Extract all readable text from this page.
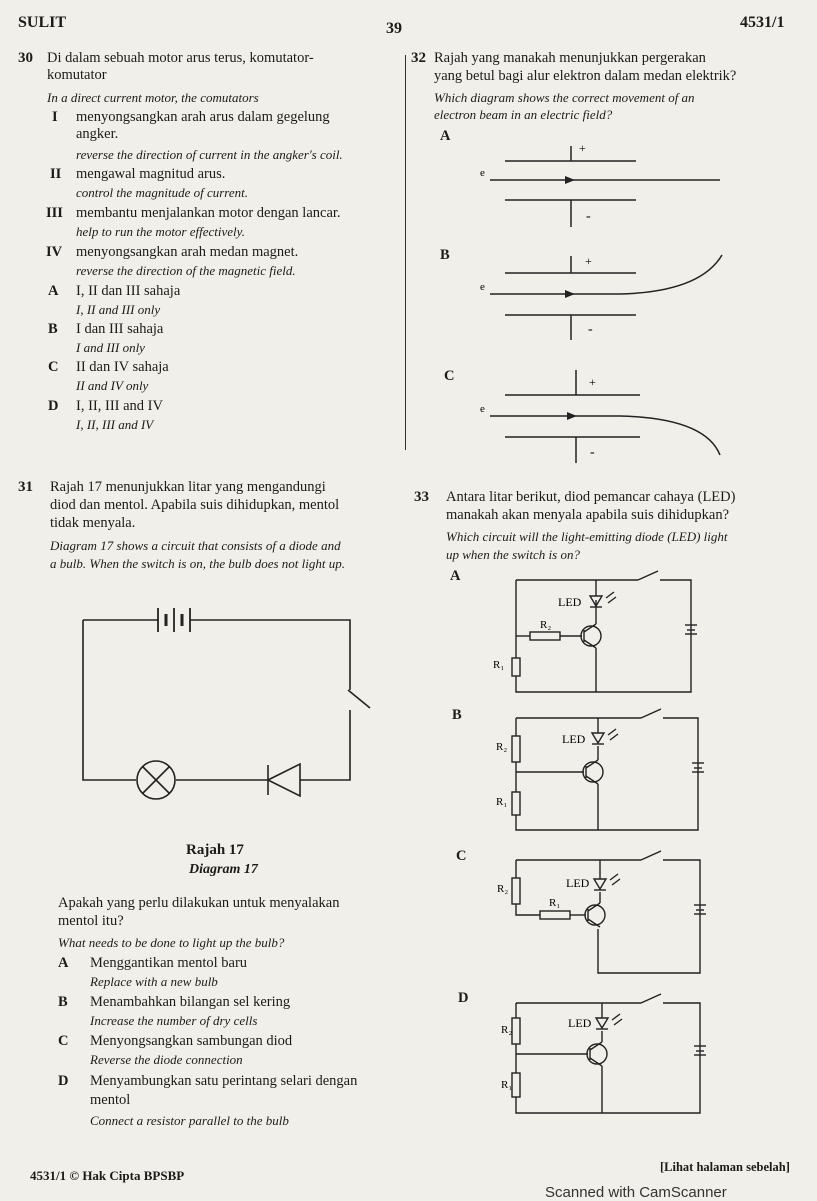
SULIT	39	4531/1
30 Di dalam sebuah motor arus terus, komutator-
komutator
In a direct current motor, the comutators
I menyongsangkan arah arus dalam gegelung
angker.
reverse the direction of current in the angker's coil.
II mengawal magnitud arus.
control the magnitude of current.
III membantu menjalankan motor dengan lancar.
help to run the motor effectively.
IV menyongsangkan arah medan magnet.
reverse the direction of the magnetic field.
A I, II dan III sahaja
I, II and III only
B I dan III sahaja
I and III only
C II dan IV sahaja
II and IV only
D I, II, III and IV
I, II, III and IV
31 Rajah 17 menunjukkan litar yang mengandungi
diod dan mentol. Apabila suis dihidupkan, mentol
tidak menyala.
Diagram 17 shows a circuit that consists of a diode and
a bulb. When the switch is on, the bulb does not light up.
Rajah 17
Diagram 17
Apakah yang perlu dilakukan untuk menyalakan
mentol itu?
What needs to be done to light up the bulb?
A Menggantikan mentol baru
Replace with a new bulb
B Menambahkan bilangan sel kering
Increase the number of dry cells
C Menyongsangkan sambungan diod
Reverse the diode connection
D Menyambungkan satu perintang selari dengan
mentol
Connect a resistor parallel to the bulb
32 Rajah yang manakah menunjukkan pergerakan
yang betul bagi alur elektron dalam medan elektrik?
Which diagram shows the correct movement of an
electron beam in an electric field?
A
+
-
e
B	+
-
e
C	+
-
e
33 Antara litar berikut, diod pemancar cahaya (LED)
manakah akan menyala apabila suis dihidupkan?
Which circuit will the light-emitting diode (LED) light
up when the switch is on?
A
LED
R₂
R₁
B
LED
R₂
R₁
C
LED
R₂
R₁
D
LED
R₂
R₁
4531/1 © Hak Cipta BPSBP
[Lihat halaman sebelah]
Scanned with CamScanner
